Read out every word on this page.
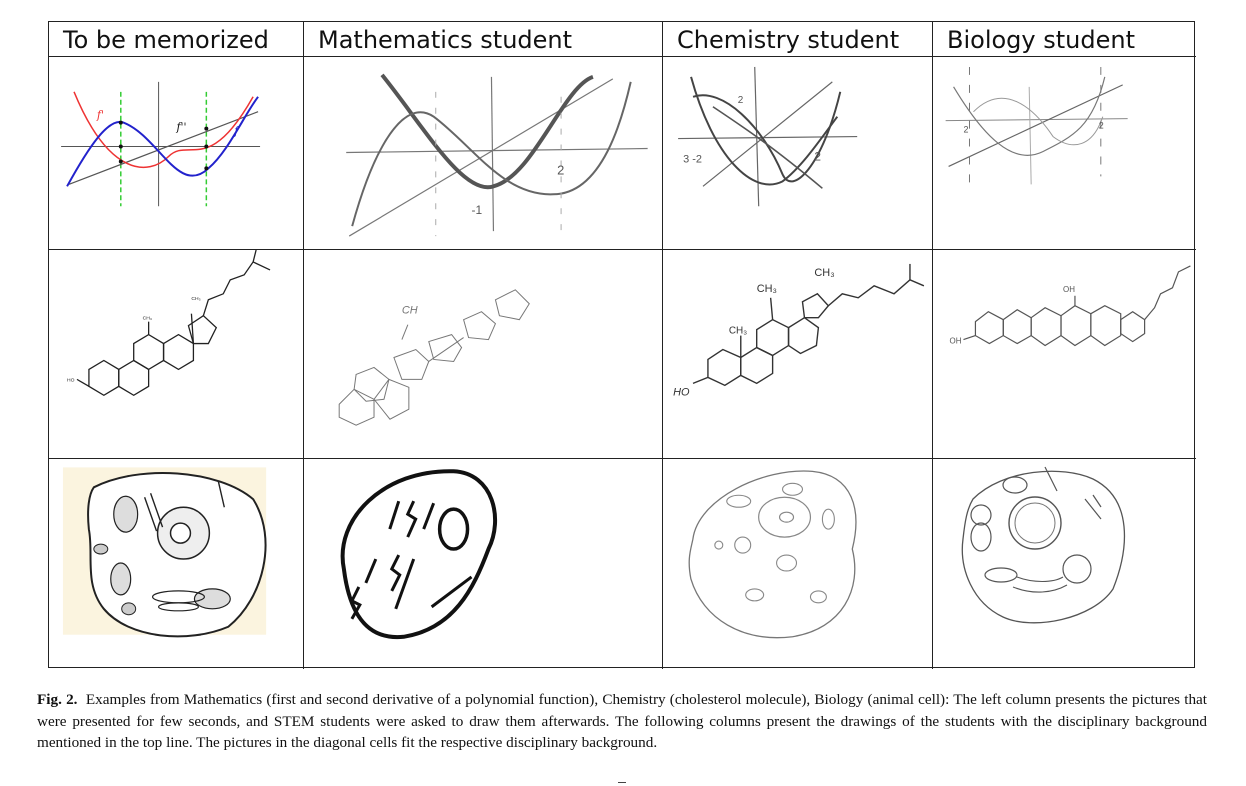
To be memorized	Mathematics student	Chemistry student	Biology student
f'
f''	f
2
-1
3 -2	2
2
2	2
CH₃
CH₃
HO
CH
CH₃
CH₃
CH₃
HO
OH
OH
Fig. 2. Examples from Mathematics (first and second derivative of a polynomial function), Chemistry (cholesterol molecule), Biology (animal cell): The left column presents the pictures that were presented for few seconds, and STEM students were asked to draw them afterwards. The following columns present the drawings of the students with the disciplinary background mentioned in the top line. The pictures in the diagonal cells fit the respective disciplinary background.
